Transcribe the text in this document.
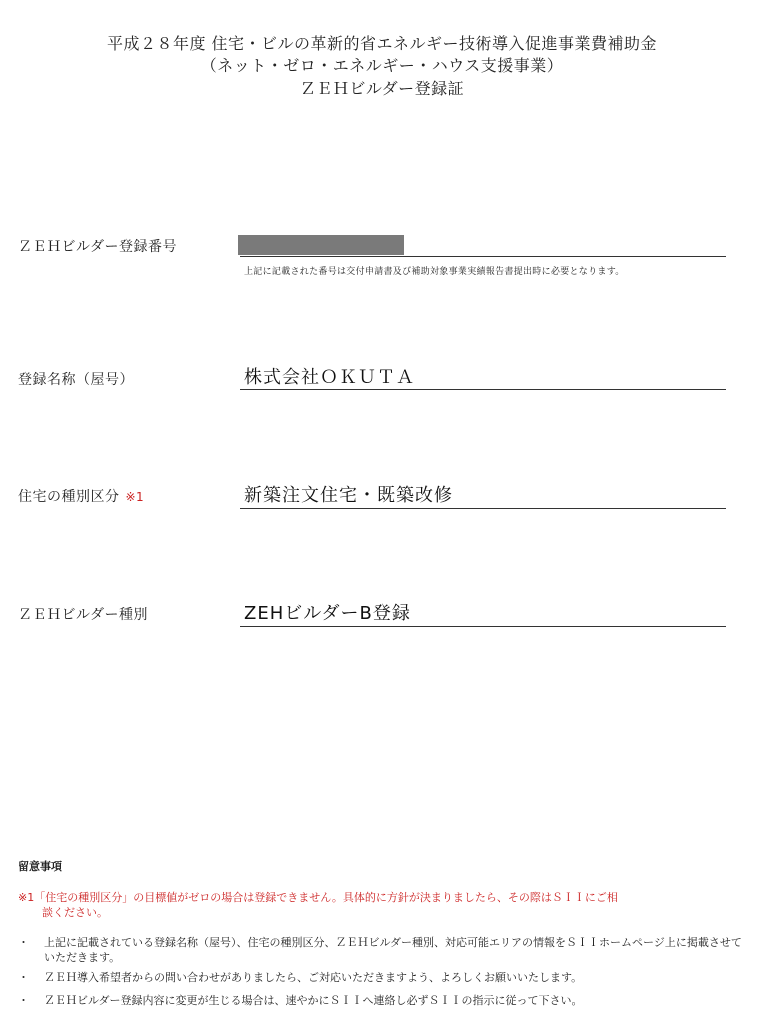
平成２８年度 住宅・ビルの革新的省エネルギー技術導入促進事業費補助金
（ネット・ゼロ・エネルギー・ハウス支援事業）
ＺＥＨビルダー登録証
ＺＥＨビルダー登録番号
上記に記載された番号は交付申請書及び補助対象事業実績報告書提出時に必要となります。
登録名称（屋号）	株式会社ＯＫＵＴＡ
住宅の種別区分 ※1	新築注文住宅・既築改修
ＺＥＨビルダー種別	ZEHビルダーB登録
留意事項
※1「住宅の種別区分」の目標値がゼロの場合は登録できません。具体的に方針が決まりましたら、その際はＳＩＩにご相
談ください。
・	上記に記載されている登録名称（屋号）、住宅の種別区分、ＺＥＨビルダー種別、対応可能エリアの情報をＳＩＩホームページ上に掲載させていただきます。
・	ＺＥＨ導入希望者からの問い合わせがありましたら、ご対応いただきますよう、よろしくお願いいたします。
・	ＺＥＨビルダー登録内容に変更が生じる場合は、速やかにＳＩＩへ連絡し必ずＳＩＩの指示に従って下さい。
